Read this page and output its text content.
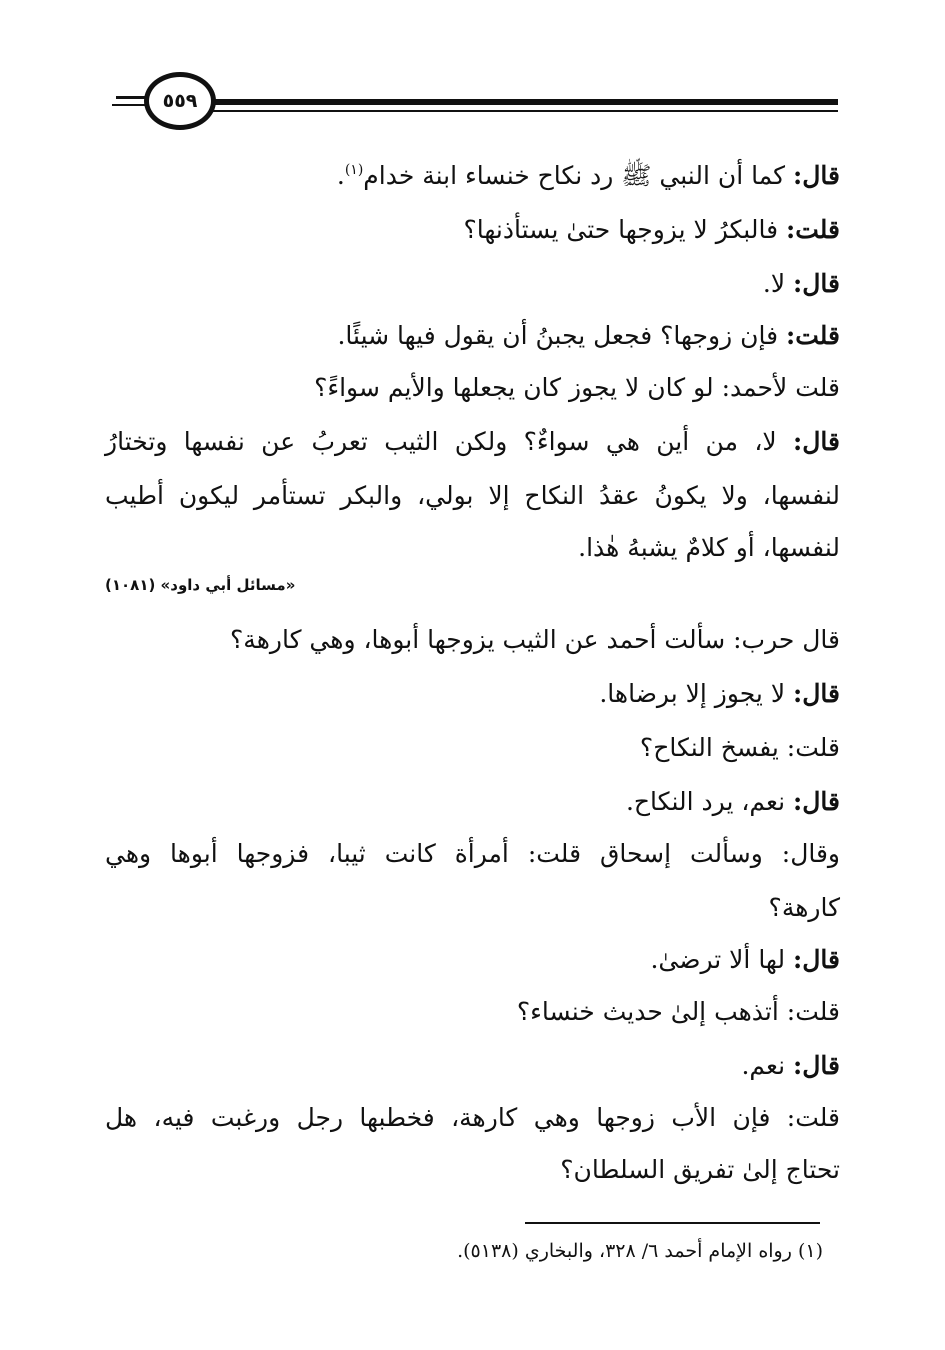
٥٥٩
قال: كما أن النبي ﷺ رد نكاح خنساء ابنة خدام$^{(١)}$.
قلت: فالبكرُ لا يزوجها حتىٰ يستأذنها؟
قال: لا.
قلت: فإن زوجها؟ فجعل يجبنُ أن يقول فيها شيئًا.
قلت لأحمد: لو كان لا يجوز كان يجعلها والأيم سواءً؟
قال: لا، من أين هي سواءٌ؟ ولكن الثيب تعربُ عن نفسها وتختارُ
لنفسها، ولا يكونُ عقدُ النكاح إلا بولي، والبكر تستأمر ليكون أطيب
لنفسها، أو كلامٌ يشبهُ هٰذا.
«مسائل أبي داود» (١٠٨١)
قال حرب: سألت أحمد عن الثيب يزوجها أبوها، وهي كارهة؟
قال: لا يجوز إلا برضاها.
قلت: يفسخ النكاح؟
قال: نعم، يرد النكاح.
وقال: وسألت إسحاق قلت: أمرأة كانت ثيبا، فزوجها أبوها وهي
كارهة؟
قال: لها ألا ترضىٰ.
قلت: أتذهب إلىٰ حديث خنساء؟
قال: نعم.
قلت: فإن الأب زوجها وهي كارهة، فخطبها رجل ورغبت فيه، هل
تحتاج إلىٰ تفريق السلطان؟
(١) رواه الإمام أحمد ٦/ ٣٢٨، والبخاري (٥١٣٨).
